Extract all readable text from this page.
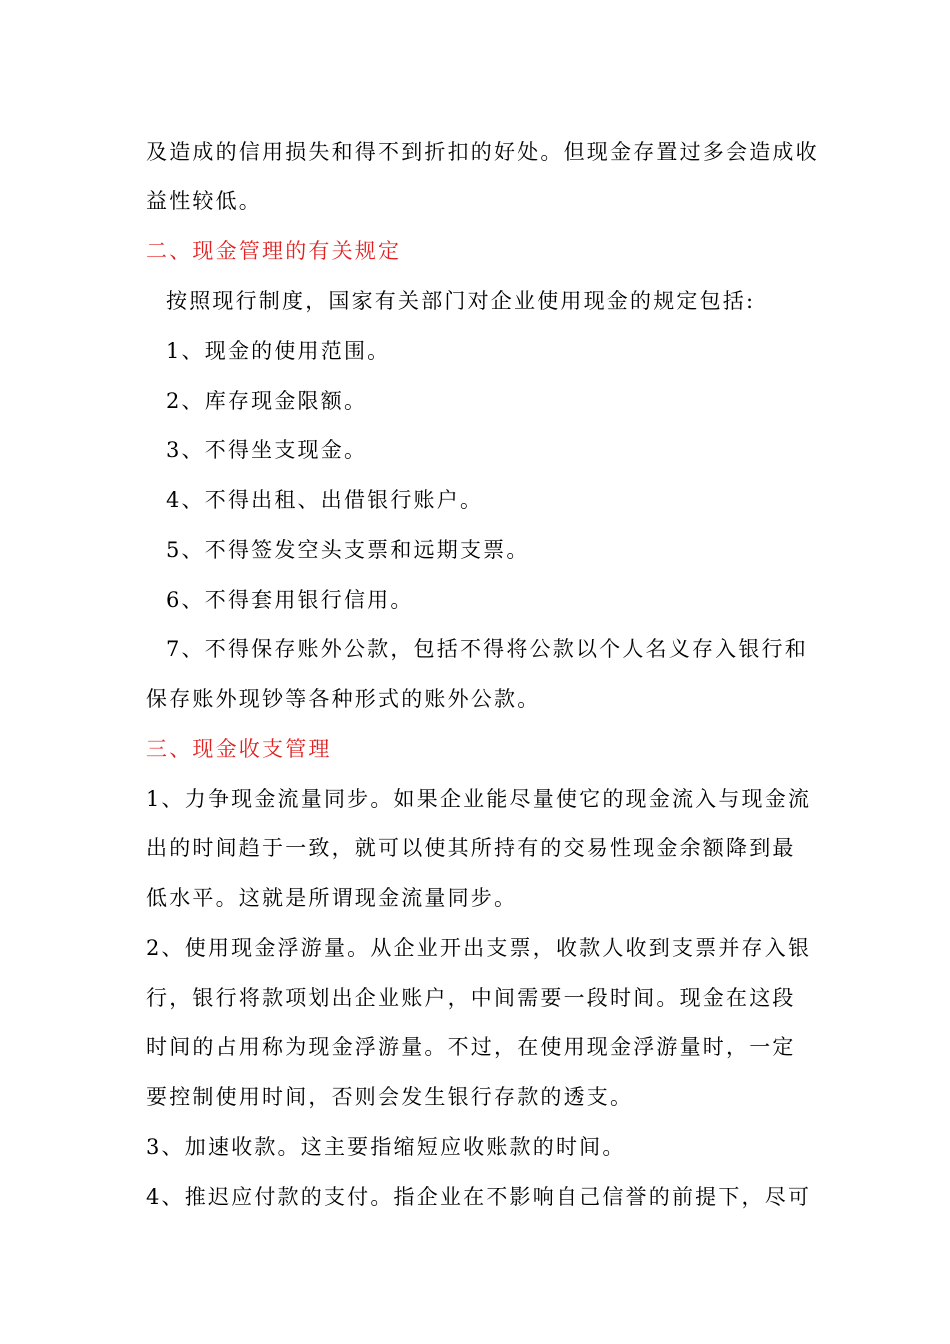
及造成的信用损失和得不到折扣的好处。但现金存置过多会造成收
益性较低。
二、现金管理的有关规定
按照现行制度，国家有关部门对企业使用现金的规定包括:
1、现金的使用范围。
2、库存现金限额。
3、不得坐支现金。
4、不得出租、出借银行账户。
5、不得签发空头支票和远期支票。
6、不得套用银行信用。
7、不得保存账外公款，包括不得将公款以个人名义存入银行和
保存账外现钞等各种形式的账外公款。
三、现金收支管理
1、力争现金流量同步。如果企业能尽量使它的现金流入与现金流
出的时间趋于一致，就可以使其所持有的交易性现金余额降到最
低水平。这就是所谓现金流量同步。
2、使用现金浮游量。从企业开出支票，收款人收到支票并存入银
行，银行将款项划出企业账户，中间需要一段时间。现金在这段
时间的占用称为现金浮游量。不过，在使用现金浮游量时，一定
要控制使用时间，否则会发生银行存款的透支。
3、加速收款。这主要指缩短应收账款的时间。
4、推迟应付款的支付。指企业在不影响自己信誉的前提下，尽可
